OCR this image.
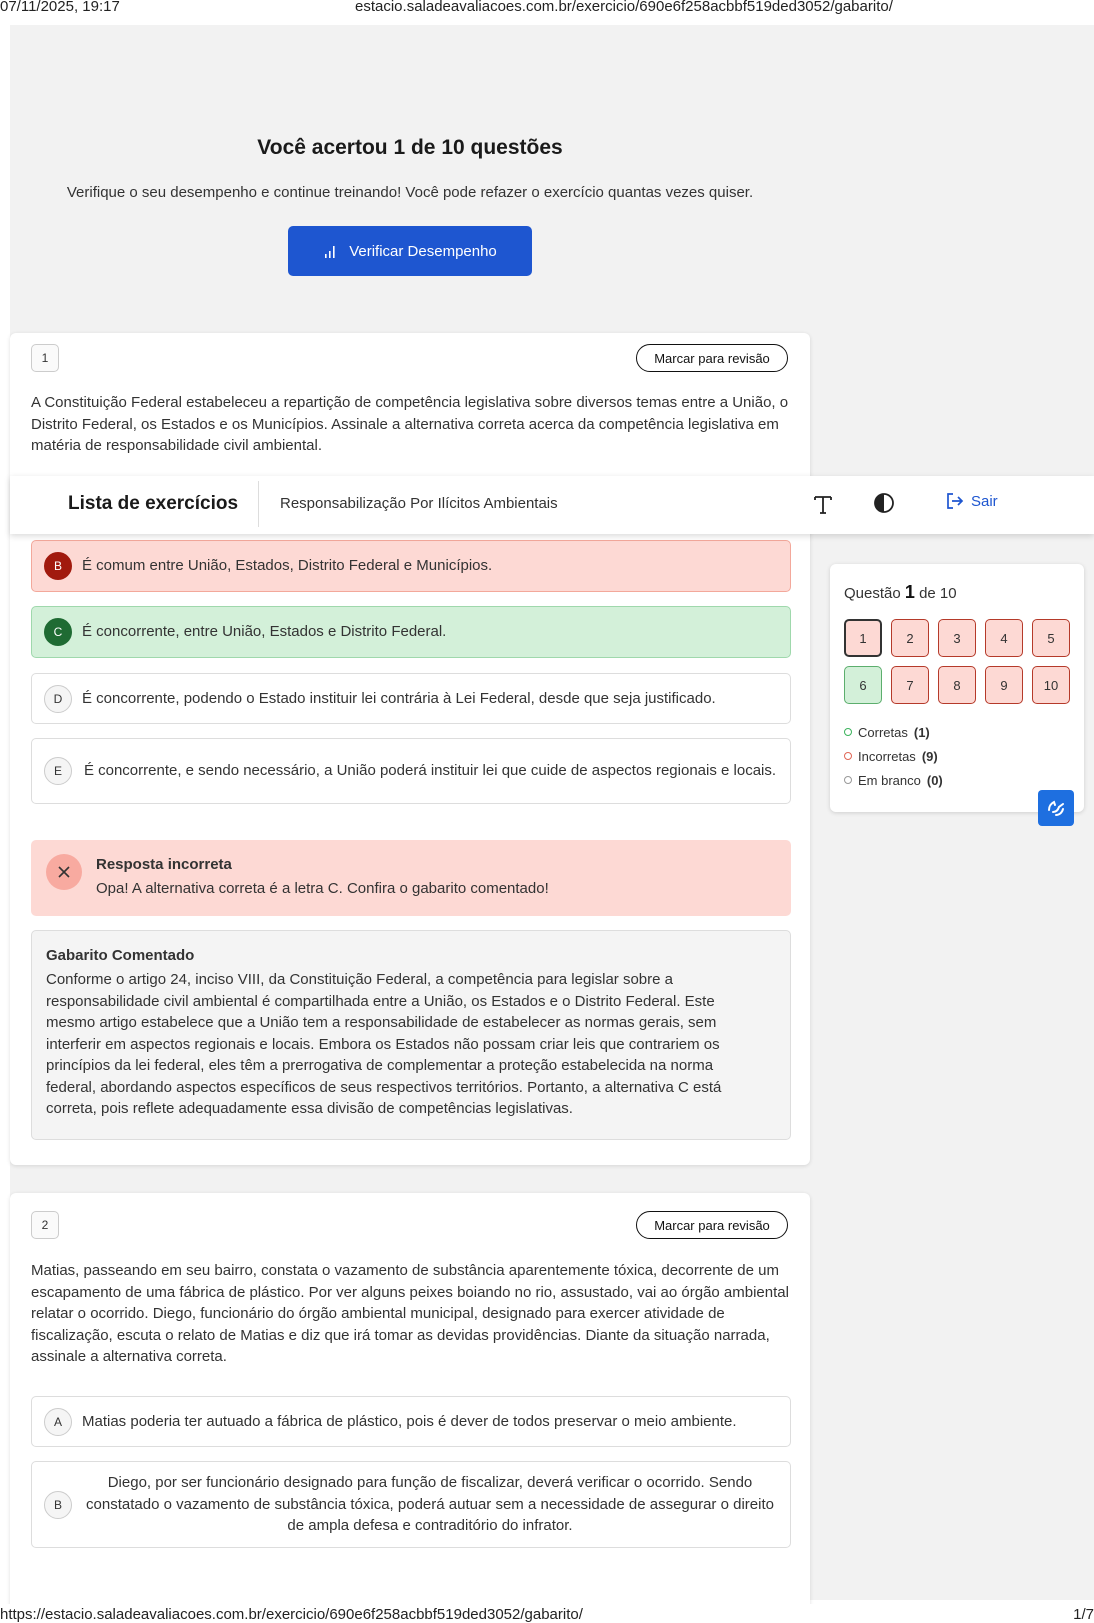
07/11/2025, 19:17	estacio.saladeavaliacoes.com.br/exercicio/690e6f258acbbf519ded3052/gabarito/
Você acertou 1 de 10 questões

Verifique o seu desempenho e continue treinando! Você pode refazer o exercício quantas vezes quiser.

Verificar Desempenho
1	Marcar para revisão

A Constituição Federal estabeleceu a repartição de competência legislativa sobre diversos temas entre a União, o Distrito Federal, os Estados e os Municípios. Assinale a alternativa correta acerca da competência legislativa em matéria de responsabilidade civil ambiental.

B	É comum entre União, Estados, Distrito Federal e Municípios.
C	É concorrente, entre União, Estados e Distrito Federal.
D	É concorrente, podendo o Estado instituir lei contrária à Lei Federal, desde que seja justificado.
E	É concorrente, e sendo necessário, a União poderá instituir lei que cuide de aspectos regionais e locais.
Resposta incorreta
Opa! A alternativa correta é a letra C. Confira o gabarito comentado!
Gabarito Comentado

Conforme o artigo 24, inciso VIII, da Constituição Federal, a competência para legislar sobre a responsabilidade civil ambiental é compartilhada entre a União, os Estados e o Distrito Federal. Este mesmo artigo estabelece que a União tem a responsabilidade de estabelecer as normas gerais, sem interferir em aspectos regionais e locais. Embora os Estados não possam criar leis que contrariem os princípios da lei federal, eles têm a prerrogativa de complementar a proteção estabelecida na norma federal, abordando aspectos específicos de seus respectivos territórios. Portanto, a alternativa C está correta, pois reflete adequadamente essa divisão de competências legislativas.

Lista de exercícios	Responsabilização Por Ilícitos Ambientais	Sair
Questão 1 de 10
1	2	3	4	5
6	7	8	9	10
Corretas (1)
Incorretas (9)
Em branco (0)
2	Marcar para revisão

Matias, passeando em seu bairro, constata o vazamento de substância aparentemente tóxica, decorrente de um escapamento de uma fábrica de plástico. Por ver alguns peixes boiando no rio, assustado, vai ao órgão ambiental relatar o ocorrido. Diego, funcionário do órgão ambiental municipal, designado para exercer atividade de fiscalização, escuta o relato de Matias e diz que irá tomar as devidas providências. Diante da situação narrada, assinale a alternativa correta.

A	Matias poderia ter autuado a fábrica de plástico, pois é dever de todos preservar o meio ambiente.
B
Diego, por ser funcionário designado para função de fiscalizar, deverá verificar o ocorrido. Sendo constatado o vazamento de substância tóxica, poderá autuar sem a necessidade de assegurar o direito de ampla defesa e contraditório do infrator.
https://estacio.saladeavaliacoes.com.br/exercicio/690e6f258acbbf519ded3052/gabarito/	1/7
